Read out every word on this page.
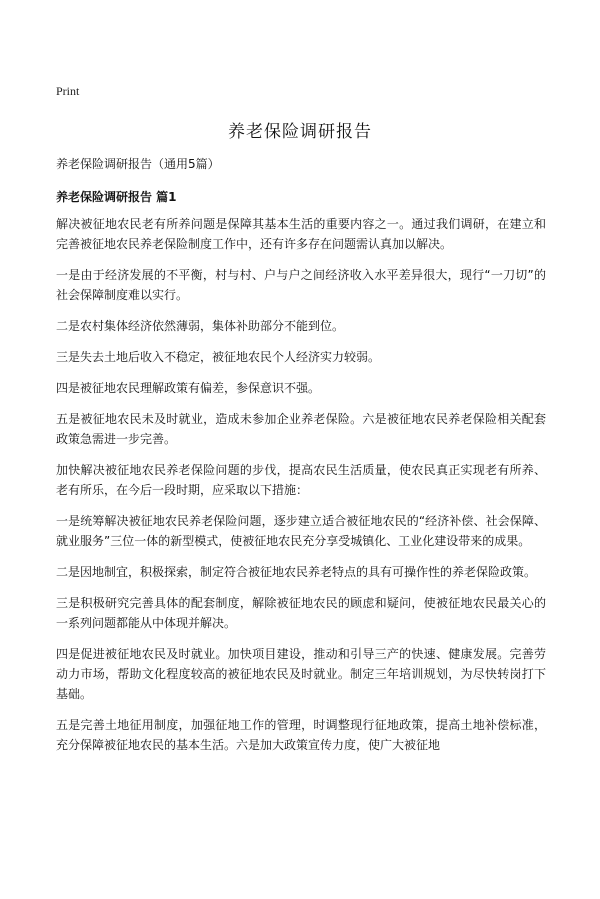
Print
养老保险调研报告
养老保险调研报告（通用5篇）
养老保险调研报告 篇1

解决被征地农民老有所养问题是保障其基本生活的重要内容之一。通过我们调研，在建立和完善被征地农民养老保险制度工作中，还有许多存在问题需认真加以解决。

一是由于经济发展的不平衡，村与村、户与户之间经济收入水平差异很大，现行“一刀切”的社会保障制度难以实行。

二是农村集体经济依然薄弱，集体补助部分不能到位。

三是失去土地后收入不稳定，被征地农民个人经济实力较弱。

四是被征地农民理解政策有偏差，参保意识不强。

五是被征地农民未及时就业，造成未参加企业养老保险。六是被征地农民养老保险相关配套政策急需进一步完善。

加快解决被征地农民养老保险问题的步伐，提高农民生活质量，使农民真正实现老有所养、老有所乐，在今后一段时期，应采取以下措施：

一是统筹解决被征地农民养老保险问题，逐步建立适合被征地农民的“经济补偿、社会保障、就业服务”三位一体的新型模式，使被征地农民充分享受城镇化、工业化建设带来的成果。

二是因地制宜，积极探索，制定符合被征地农民养老特点的具有可操作性的养老保险政策。

三是积极研究完善具体的配套制度，解除被征地农民的顾虑和疑问，使被征地农民最关心的一系列问题都能从中体现并解决。

四是促进被征地农民及时就业。加快项目建设，推动和引导三产的快速、健康发展。完善劳动力市场，帮助文化程度较高的被征地农民及时就业。制定三年培训规划，为尽快转岗打下基础。

五是完善土地征用制度，加强征地工作的管理，时调整现行征地政策，提高土地补偿标准，充分保障被征地农民的基本生活。六是加大政策宣传力度，使广大被征地
